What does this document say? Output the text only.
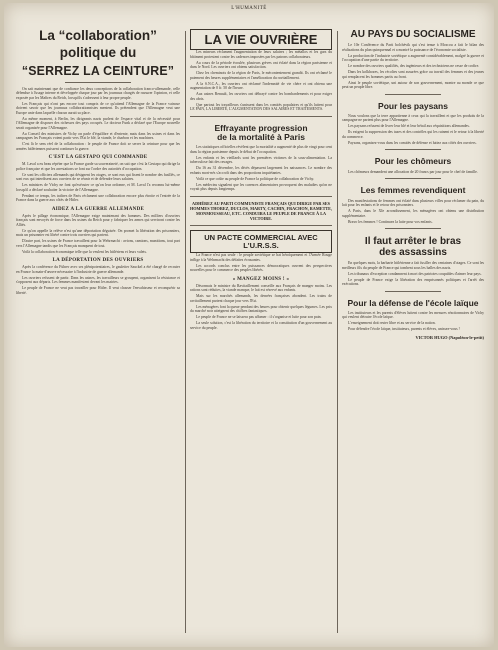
L'HUMANITÉ
La “collaboration”
politique du
“SERREZ LA CEINTURE”

On sait maintenant que de confiance les deux conceptions de la collaboration franco-allemande, celle défendue à l'usage interne et développée chaque jour par les journaux chargés de rassurer l'opinion, et celle exposée par les Maîtres du Reich, lorsqu'ils s'adressent à leur propre peuple.

Les Français qui n'ont pas encore tout compris de ce qu'attend l'Allemagne de la France vaincue doivent savoir que les journaux collaborationnistes mentent. Ils prétendent que l'Allemagne veut une Europe unie dans laquelle chacun aurait sa place.

Au même moment, à Berlin, les dirigeants nazis parlent de l'espace vital et de la nécessité pour l'Allemagne de disposer des richesses des pays occupés. Le docteur Funk a déclaré que l'Europe nouvelle serait organisée pour l'Allemagne.

Au Conseil des ministres de Vichy on parle d'équilibre et d'entente, mais dans les usines et dans les campagnes les Français voient partir vers l'Est le blé, la viande, le charbon et les machines.

C'est là le sens réel de la collaboration : le peuple de France doit se serrer la ceinture pour que les armées hitlériennes puissent continuer la guerre.

C'EST LA GESTAPO QUI COMMANDE

M. Laval a eu beau répéter que la France garde sa souveraineté, on sait que c'est la Gestapo qui dirige la police française et que les arrestations se font sur l'ordre des autorités d'occupation.

Ce sont les officiers allemands qui désignent les otages, ce sont eux qui fixent le nombre des fusillés, ce sont eux qui interdisent aux ouvriers de se réunir et de défendre leurs salaires.

Les ministres de Vichy ne font qu'exécuter ce qu'on leur ordonne, et M. Laval l'a reconnu lui-même lorsqu'il a déclaré souhaiter la victoire de l'Allemagne.

Pendant ce temps, les traîtres de Paris réclament une collaboration encore plus étroite et l'entrée de la France dans la guerre aux côtés de Hitler.

AIDEZ A LA GUERRE ALLEMANDE

Après le pillage économique, l'Allemagne exige maintenant des hommes. Des milliers d'ouvriers français sont envoyés de force dans les usines du Reich pour y fabriquer les armes qui serviront contre les Alliés.

Ce qu'on appelle la relève n'est qu'une déportation déguisée. On promet la libération des prisonniers, mais un prisonnier est libéré contre trois ouvriers qui partent.

D'autre part, les usines de France travaillent pour la Wehrmacht : avions, camions, munitions, tout part vers l'Allemagne tandis que les Français manquent de tout.

Voilà la collaboration économique telle que la veulent les hitlériens et leurs valets.

LA DÉPORTATION DES OUVRIERS

Après la conférence du Führer avec ses plénipotentiaires, le gauleiter Sauckel a été chargé de recruter en France la main-d'œuvre nécessaire à l'industrie de guerre allemande.

Les ouvriers refusent de partir. Dans les usines, les travailleurs se groupent, organisent la résistance et s'opposent aux départs. Les femmes manifestent devant les mairies.

Le peuple de France ne veut pas travailler pour Hitler. Il veut chasser l'envahisseur et reconquérir sa liberté.

LA VIE OUVRIÈRE

Les mineurs réclament l'augmentation de leurs salaires ; les métallos et les gars du bâtiment protestent contre les cadences imposées par les patrons collaborateurs.

Au cours de la période écoulée, plusieurs grèves ont éclaté dans la région parisienne et dans le Nord. Les ouvriers ont obtenu satisfaction.

Chez les cheminots de la région de Paris, le mécontentement grandit. Ils ont réclamé le paiement des heures supplémentaires et l'amélioration du ravitaillement.

A la S.N.C.A., les ouvriers ont réclamé l'indemnité de vie chère et ont obtenu une augmentation de 0 fr. 50 de l'heure.

Aux usines Renault, les ouvriers ont débrayé contre les bombardements et pour exiger des abris.

Que partout les travailleurs s'unissent dans les comités populaires et qu'ils luttent pour LE PAIN, LA LIBERTÉ, L'AUGMENTATION DES SALAIRES ET TRAITEMENTS.

Effrayante progression
de la mortalité à Paris

Les statistiques officielles révèlent que la mortalité a augmenté de plus de vingt pour cent dans la région parisienne depuis le début de l'occupation.

Les enfants et les vieillards sont les premières victimes de la sous-alimentation. La tuberculose fait des ravages.

Du 16 au 31 décembre, les décès dépassent largement les naissances. Le nombre des enfants mort-nés s'accroît dans des proportions inquiétantes.

Voilà ce que coûte au peuple de France la politique de collaboration de Vichy.

Les médecins signalent que les carences alimentaires provoquent des maladies qu'on ne voyait plus depuis longtemps.

ADHÉREZ AU PARTI COMMUNISTE FRANÇAIS QUI DIRIGE PAR SES HOMMES THOREZ, DUCLOS, MARTY, CACHIN, FRACHON, RAMETTE, MONMOUSSEAU, ETC. CONDUIRA LE PEUPLE DE FRANCE À LA VICTOIRE.

UN PACTE COMMERCIAL AVEC L'U.R.S.S.

La France n'est pas seule : le peuple soviétique se bat héroïquement et l'Armée Rouge inflige à la Wehrmacht des défaites écrasantes.

Les accords conclus entre les puissances démocratiques ouvrent des perspectives nouvelles pour le commerce des peuples libérés.

« MANGEZ MOINS ! »

Désormais le ministre du Ravitaillement conseille aux Français de manger moins. Les rations sont réduites, la viande manque, le lait est réservé aux enfants.

Mais sur les marchés allemands, les denrées françaises abondent. Les trains de ravitaillement partent chaque jour vers l'Est.

Les ménagères font la queue pendant des heures pour obtenir quelques légumes. Les prix du marché noir atteignent des chiffres fantastiques.

Le peuple de France ne se laissera pas affamer : il s'organise et lutte pour son pain.

La seule solution, c'est la libération du territoire et la constitution d'un gouvernement au service du peuple.

AU PAYS DU SOCIALISME

Le 10e Conférence du Parti bolchévik qui s'est tenue à Moscou a fait le bilan des réalisations du plan quinquennal et a montré la puissance de l'économie socialiste.

La production de l'industrie soviétique a augmenté considérablement, malgré la guerre et l'occupation d'une partie du territoire.

Le nombre des ouvriers qualifiés, des ingénieurs et des techniciens ne cesse de croître.

Dans les kolkhozes, les récoltes sont assurées grâce au travail des femmes et des jeunes qui remplacent les hommes partis au front.

Ainsi le peuple soviétique, uni autour de son gouvernement, montre au monde ce que peut un peuple libre.

Pour les paysans

Nous voulons que la terre appartienne à ceux qui la travaillent et que les produits de la campagne ne partent plus pour l'Allemagne.

Les paysans refusent de livrer leur blé et leur bétail aux réquisitions allemandes.

Ils exigent la suppression des taxes et des contrôles qui les ruinent et le retour à la liberté du commerce.

Paysans, organisez-vous dans les comités de défense et luttez aux côtés des ouvriers.

Pour les chômeurs

Les chômeurs demandent une allocation de 20 francs par jour pour le chef de famille.

Les femmes revendiquent

Des manifestations de femmes ont éclaté dans plusieurs villes pour réclamer du pain, du lait pour les enfants et le retour des prisonniers.

A Paris, dans le XIe arrondissement, les ménagères ont obtenu une distribution supplémentaire.

Bravo les femmes ! Continuez la lutte pour vos enfants.

Il faut arrêter le bras
des assassins

En quelques mois, la barbarie hitlérienne a fait fusiller des centaines d'otages. Ce sont les meilleurs fils du peuple de France qui tombent sous les balles des nazis.

Les tribunaux d'exception condamnent à mort des patriotes coupables d'aimer leur pays.

Le peuple de France exige la libération des emprisonnés politiques et l'arrêt des exécutions.

Pour la défense de l'école laïque

Les instituteurs et les parents d'élèves luttent contre les mesures réactionnaires de Vichy qui veulent détruire l'école laïque.

L'enseignement doit rester libre et au service de la nation.

Pour défendre l'école laïque, instituteurs, parents et élèves, unissez-vous !

VICTOR HUGO (Napoléon-le-petit)
